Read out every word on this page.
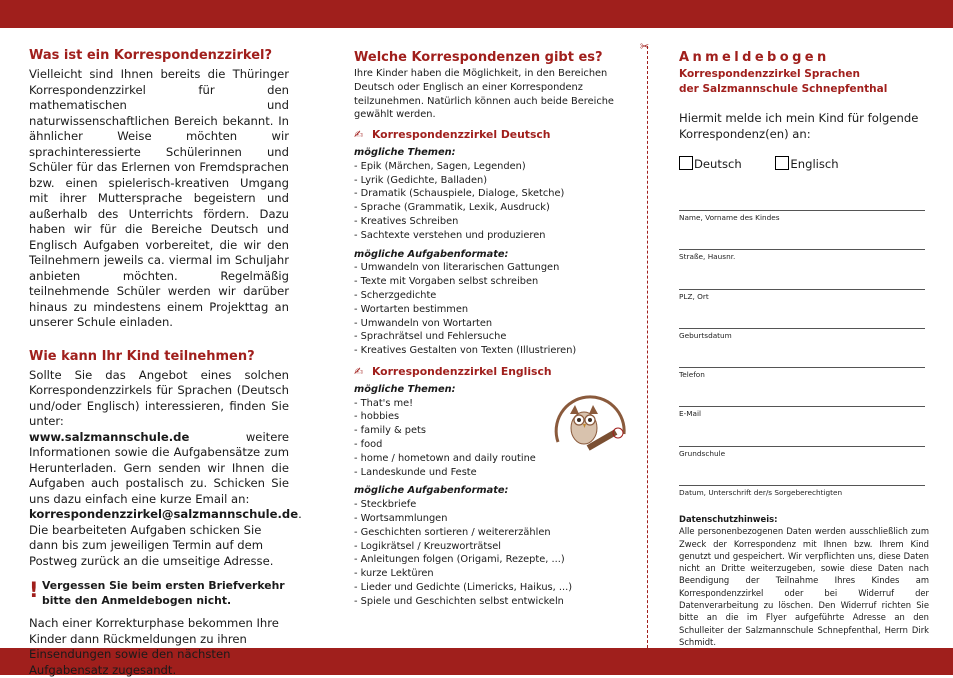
Was ist ein Korrespondenzzirkel?

Vielleicht sind Ihnen bereits die Thüringer Korrespondenzzirkel für den mathematischen und naturwissenschaftlichen Bereich bekannt. In ähnlicher Weise möchten wir sprachinteressierte Schülerinnen und Schüler für das Erlernen von Fremdsprachen bzw. einen spielerisch-kreativen Umgang mit ihrer Muttersprache begeistern und außerhalb des Unterrichts fördern. Dazu haben wir für die Bereiche Deutsch und Englisch Aufgaben vorbereitet, die wir den Teilnehmern jeweils ca. viermal im Schuljahr anbieten möchten. Regelmäßig teilnehmende Schüler werden wir darüber hinaus zu mindestens einem Projekttag an unserer Schule einladen.

Wie kann Ihr Kind teilnehmen?

Sollte Sie das Angebot eines solchen Korrespondenzzirkels für Sprachen (Deutsch und/oder Englisch) interessieren, finden Sie unter:
www.salzmannschule.de weitere Informationen sowie die Aufgabensätze zum Herunterladen. Gern senden wir Ihnen die Aufgaben auch postalisch zu. Schicken Sie uns dazu einfach eine kurze Email an:
korrespondenzzirkel@salzmannschule.de.

Die bearbeiteten Aufgaben schicken Sie dann bis zum jeweiligen Termin auf dem Postweg zurück an die umseitige Adresse.

! Vergessen Sie beim ersten Briefverkehr bitte den Anmeldebogen nicht.

Nach einer Korrekturphase bekommen Ihre Kinder dann Rückmeldungen zu ihren Einsendungen sowie den nächsten Aufgabensatz zugesandt.

Welche Korrespondenzen gibt es?
Ihre Kinder haben die Möglichkeit, in den Bereichen Deutsch oder Englisch an einer Korrespondenz teilzunehmen. Natürlich können auch beide Bereiche gewählt werden.
✍ Korrespondenzzirkel Deutsch
mögliche Themen:
- Epik (Märchen, Sagen, Legenden)
- Lyrik (Gedichte, Balladen)
- Dramatik (Schauspiele, Dialoge, Sketche)
- Sprache (Grammatik, Lexik, Ausdruck)
- Kreatives Schreiben
- Sachtexte verstehen und produzieren
mögliche Aufgabenformate:
- Umwandeln von literarischen Gattungen
- Texte mit Vorgaben selbst schreiben
- Scherzgedichte
- Wortarten bestimmen
- Umwandeln von Wortarten
- Sprachrätsel und Fehlersuche
- Kreatives Gestalten von Texten (Illustrieren)
✍ Korrespondenzzirkel Englisch
mögliche Themen:
- That's me!
- hobbies
- family & pets
- food
- home / hometown and daily routine
- Landeskunde und Feste
mögliche Aufgabenformate:
- Steckbriefe
- Wortsammlungen
- Geschichten sortieren / weitererzählen
- Logikrätsel / Kreuzworträtsel
- Anleitungen folgen (Origami, Rezepte, ...)
- kurze Lektüren
- Lieder und Gedichte (Limericks, Haikus, ...)
- Spiele und Geschichten selbst entwickeln
✂
Anmeldebogen
Korrespondenzzirkel Sprachen
der Salzmannschule Schnepfenthal
Hiermit melde ich mein Kind für folgende Korrespondenz(en) an:
Deutsch	Englisch
Name, Vorname des Kindes
Straße, Hausnr.
PLZ, Ort
Geburtsdatum
Telefon
E-Mail
Grundschule
Datum, Unterschrift der/s Sorgeberechtigten
Datenschutzhinweis:
Alle personenbezogenen Daten werden ausschließlich zum Zweck der Korrespondenz mit Ihnen bzw. Ihrem Kind genutzt und gespeichert. Wir verpflichten uns, diese Daten nicht an Dritte weiterzugeben, sowie diese Daten nach Beendigung der Teilnahme Ihres Kindes am Korrespondenzzirkel oder bei Widerruf der Datenverarbeitung zu löschen. Den Widerruf richten Sie bitte an die im Flyer aufgeführte Adresse an den Schulleiter der Salzmannschule Schnepfenthal, Herrn Dirk Schmidt.
